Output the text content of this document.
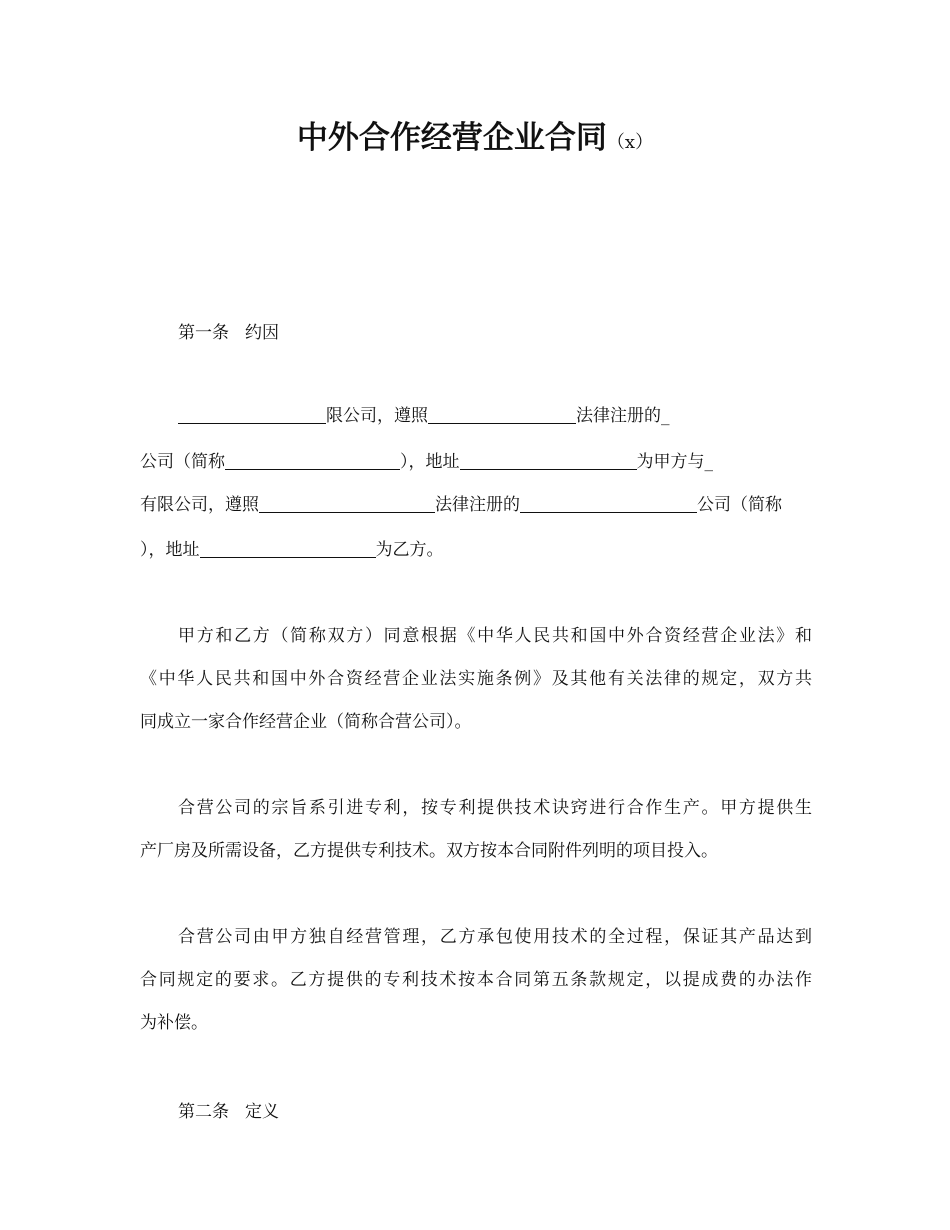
中外合作经营企业合同（x）
第一条 约因
限公司，遵照	法律注册的_
公司（简称	），地址	为甲方与_
有限公司，遵照	法律注册的	公司（简称
），地址	为乙方。
甲方和乙方（简称双方）同意根据《中华人民共和国中外合资经营企业法》和
《中华人民共和国中外合资经营企业法实施条例》及其他有关法律的规定，双方共
同成立一家合作经营企业（简称合营公司）。
合营公司的宗旨系引进专利，按专利提供技术诀窍进行合作生产。甲方提供生
产厂房及所需设备，乙方提供专利技术。双方按本合同附件列明的项目投入。
合营公司由甲方独自经营管理，乙方承包使用技术的全过程，保证其产品达到
合同规定的要求。乙方提供的专利技术按本合同第五条款规定，以提成费的办法作
为补偿。
第二条 定义
